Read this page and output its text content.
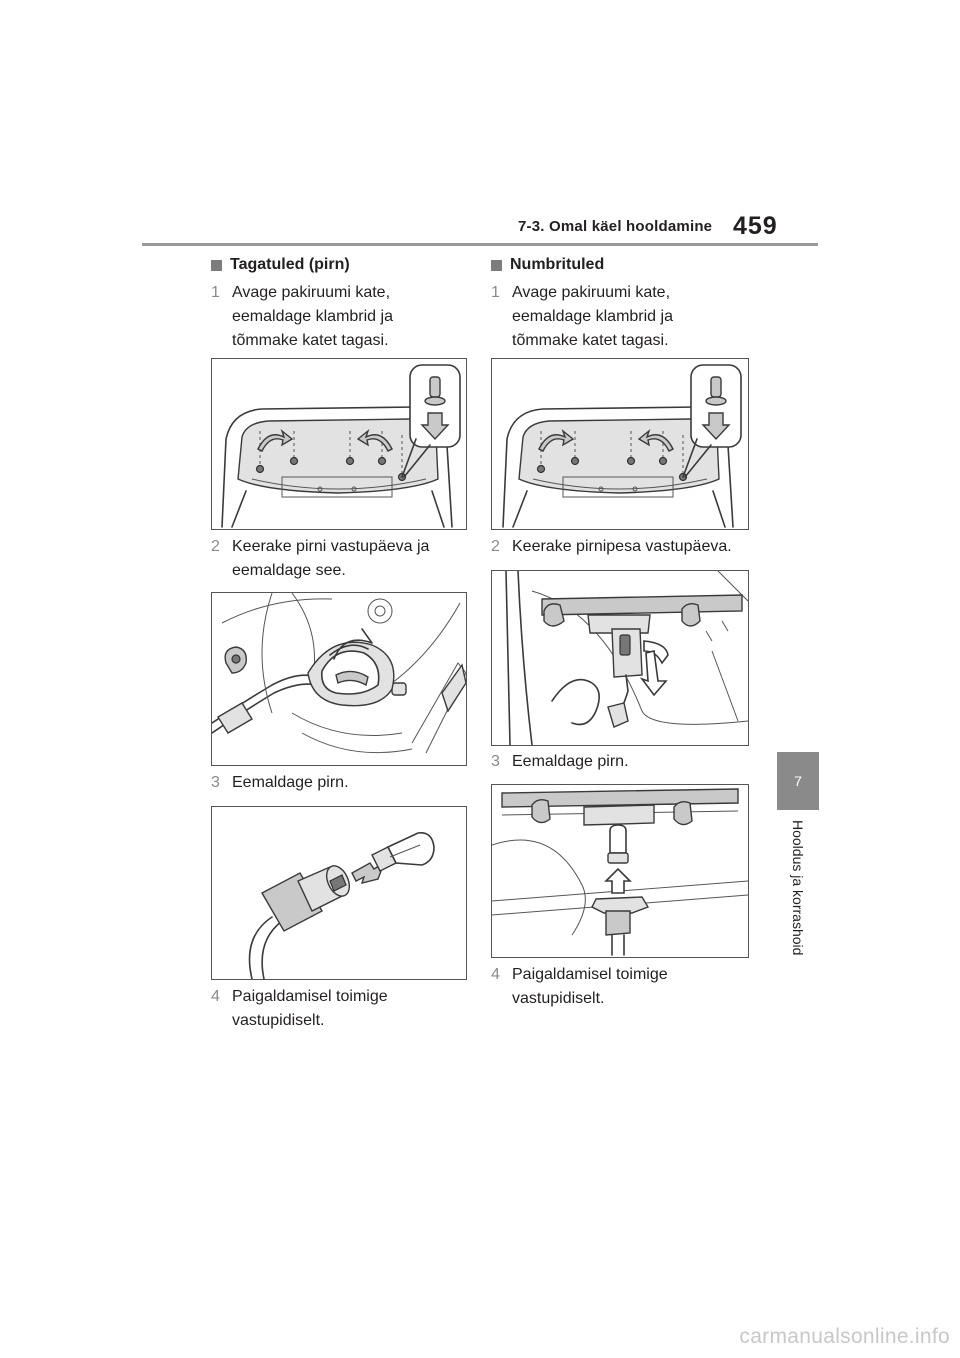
7-3. Omal käel hooldamine 459
7
Hooldus ja korrashoid
Tagatuled (pirn)
1 Avage pakiruumi kate,
eemaldage klambrid ja
tõmmake katet tagasi.
2 Keerake pirni vastupäeva ja
eemaldage see.
3 Eemaldage pirn.
4 Paigaldamisel toimige
vastupidiselt.
Numbrituled
1 Avage pakiruumi kate,
eemaldage klambrid ja
tõmmake katet tagasi.
2 Keerake pirnipesa vastupäeva.
3 Eemaldage pirn.
4 Paigaldamisel toimige
vastupidiselt.
carmanualsonline.info
